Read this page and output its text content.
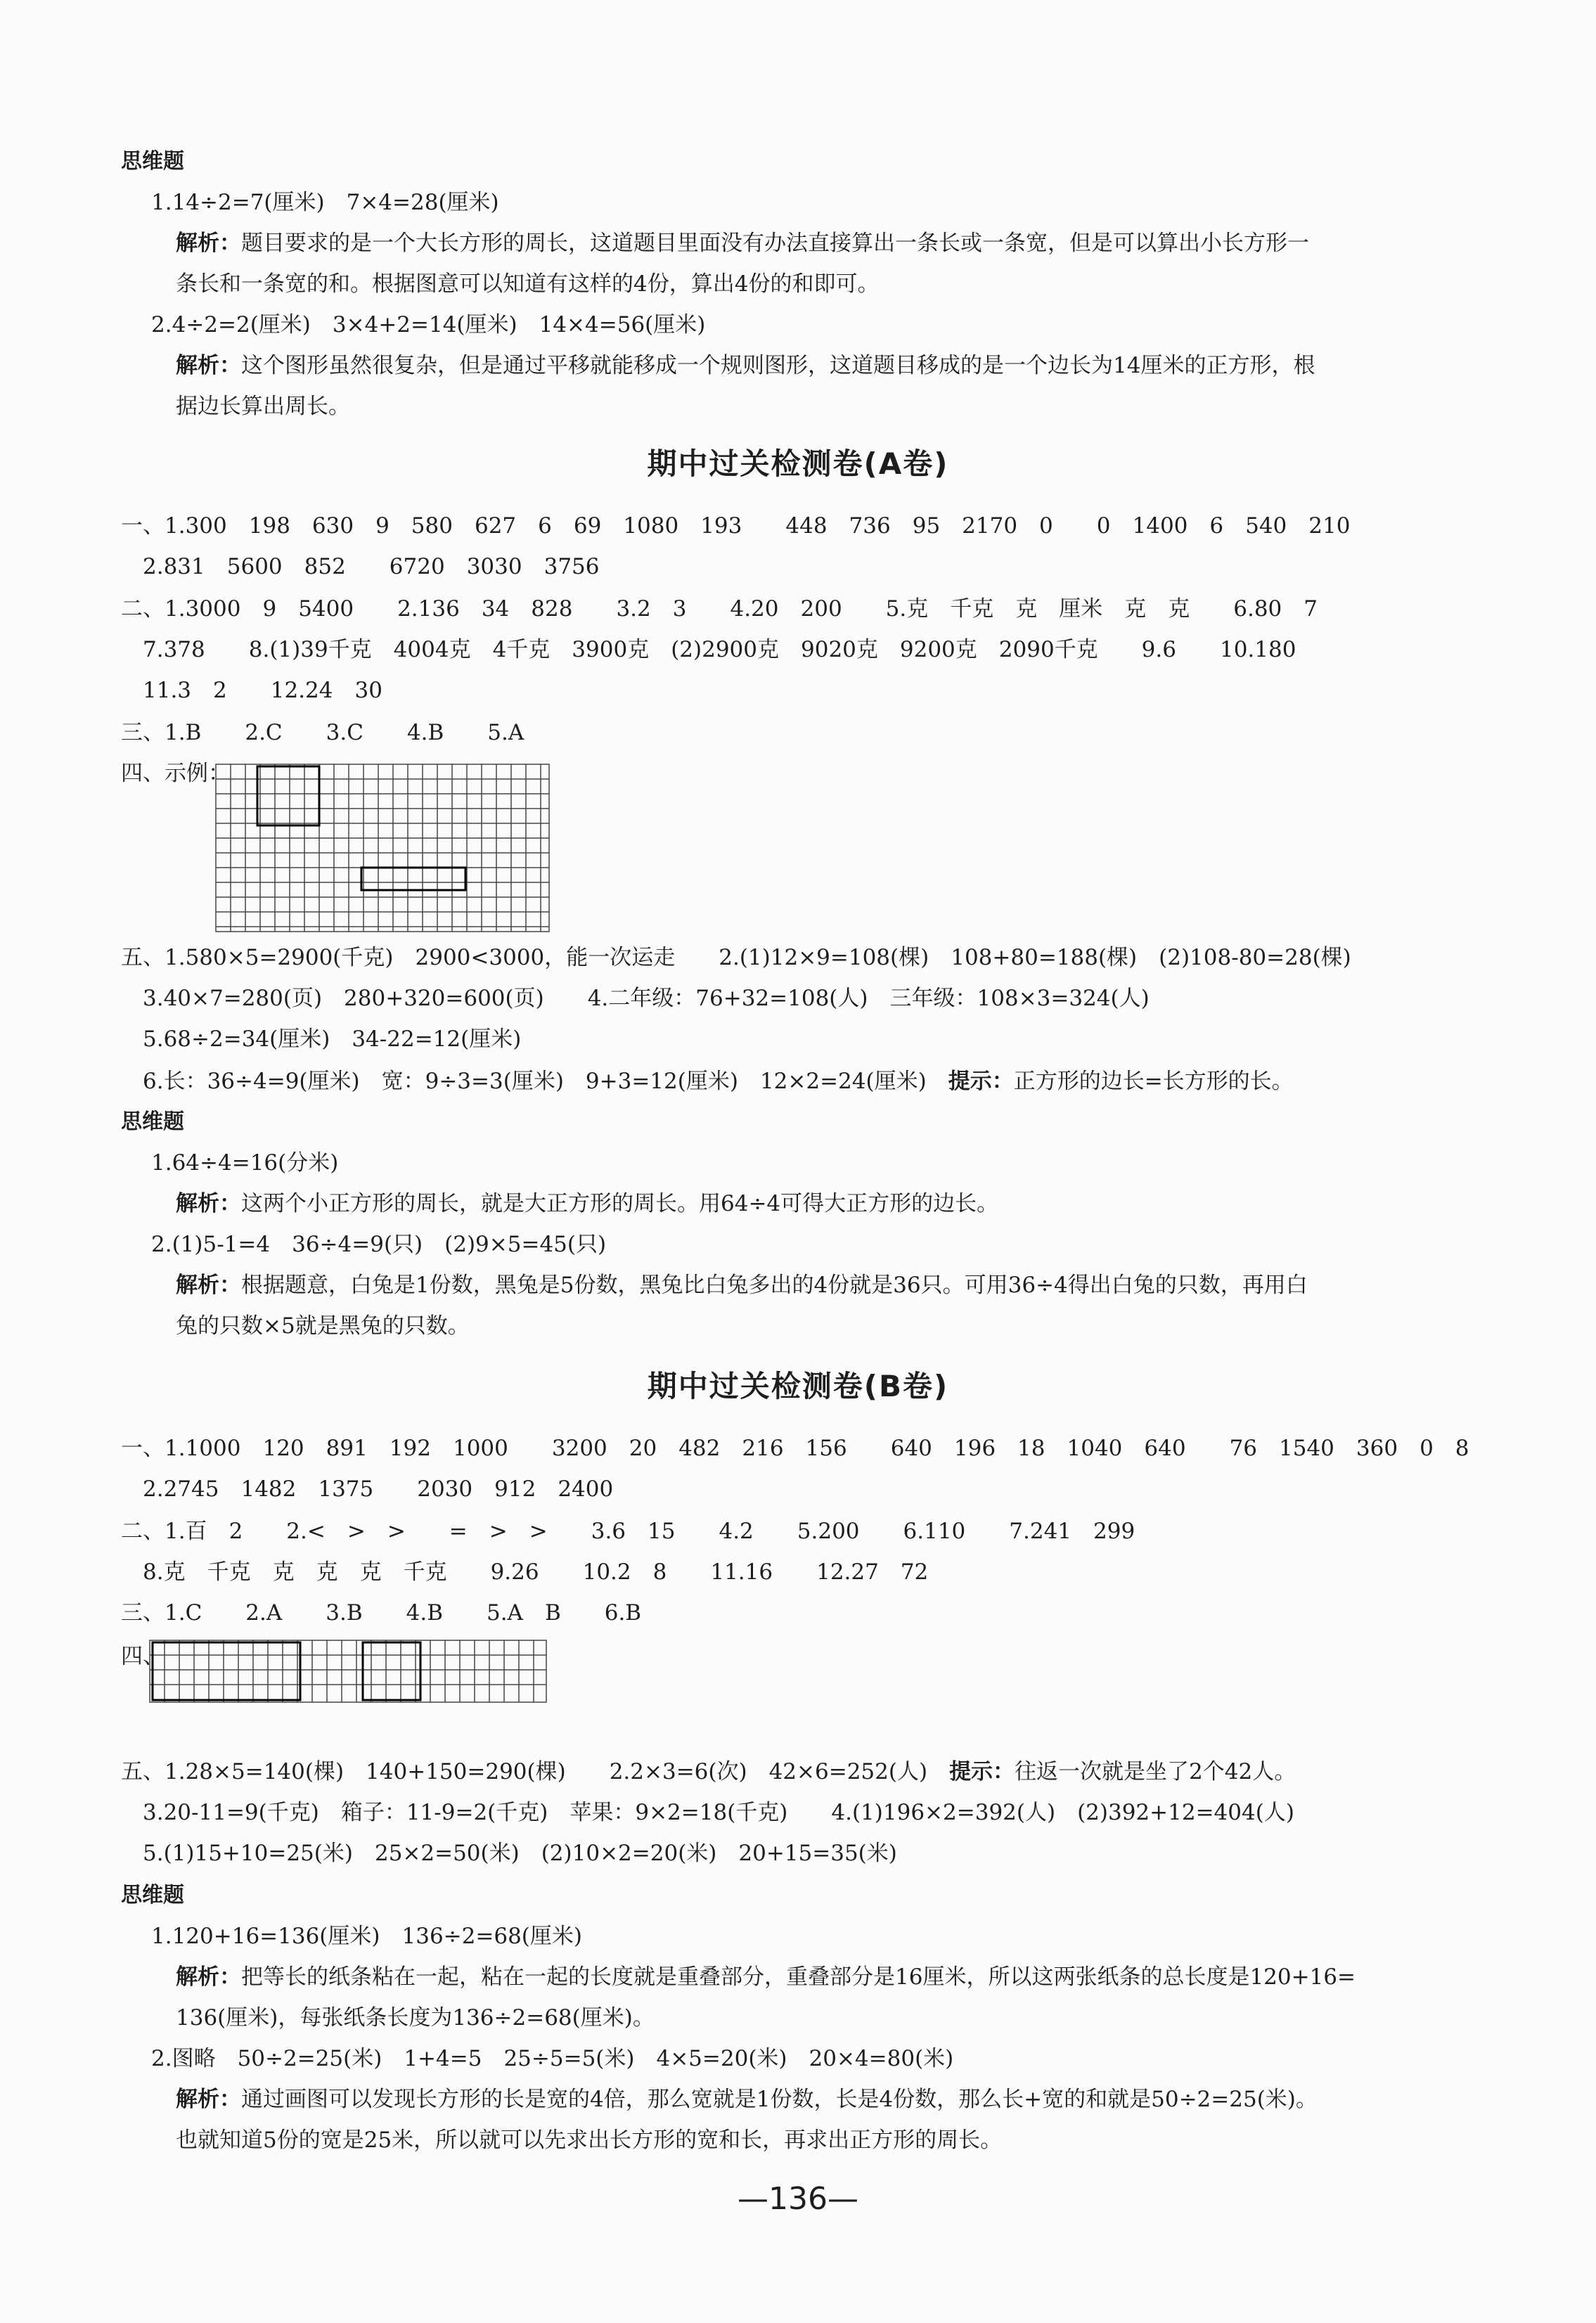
思维题
1.14÷2=7(厘米)　7×4=28(厘米)
解析：题目要求的是一个大长方形的周长，这道题目里面没有办法直接算出一条长或一条宽，但是可以算出小长方形一
条长和一条宽的和。根据图意可以知道有这样的4份，算出4份的和即可。
2.4÷2=2(厘米)　3×4+2=14(厘米)　14×4=56(厘米)
解析：这个图形虽然很复杂，但是通过平移就能移成一个规则图形，这道题目移成的是一个边长为14厘米的正方形，根
据边长算出周长。
期中过关检测卷(A卷)
一、1.300　198　630　9　580　627　6　69　1080　193　　448　736　95　2170　0　　0　1400　6　540　210
　2.831　5600　852　　6720　3030　3756
二、1.3000　9　5400　　2.136　34　828　　3.2　3　　4.20　200　　5.克　千克　克　厘米　克　克　　6.80　7
　7.378　　8.(1)39千克　4004克　4千克　3900克　(2)2900克　9020克　9200克　2090千克　　9.6　　10.180
　11.3　2　　12.24　30
三、1.B　　2.C　　3.C　　4.B　　5.A
四、示例：
五、1.580×5=2900(千克)　2900<3000，能一次运走　　2.(1)12×9=108(棵)　108+80=188(棵)　(2)108-80=28(棵)
　3.40×7=280(页)　280+320=600(页)　　4.二年级：76+32=108(人)　三年级：108×3=324(人)
　5.68÷2=34(厘米)　34-22=12(厘米)
　6.长：36÷4=9(厘米)　宽：9÷3=3(厘米)　9+3=12(厘米)　12×2=24(厘米)　 提示：正方形的边长=长方形的长。
思维题
1.64÷4=16(分米)
解析：这两个小正方形的周长，就是大正方形的周长。用64÷4可得大正方形的边长。
2.(1)5-1=4　36÷4=9(只)　(2)9×5=45(只)
解析：根据题意，白兔是1份数，黑兔是5份数，黑兔比白兔多出的4份就是36只。可用36÷4得出白兔的只数，再用白
兔的只数×5就是黑兔的只数。
期中过关检测卷(B卷)
一、1.1000　120　891　192　1000　　3200　20　482　216　156　　640　196　18　1040　640　　76　1540　360　0　8
　2.2745　1482　1375　　2030　912　2400
二、1.百　2　　2.<　>　>　　=　>　>　　3.6　15　　4.2　　5.200　　6.110　　7.241　299
　8.克　千克　克　克　克　千克　　9.26　　10.2　8　　11.16　　12.27　72
三、1.C　　2.A　　3.B　　4.B　　5.A　B　　6.B
四、
五、1.28×5=140(棵)　140+150=290(棵)　　2.2×3=6(次)　42×6=252(人)　 提示：往返一次就是坐了2个42人。
　3.20-11=9(千克)　箱子：11-9=2(千克)　苹果：9×2=18(千克)　　4.(1)196×2=392(人)　(2)392+12=404(人)
　5.(1)15+10=25(米)　25×2=50(米)　(2)10×2=20(米)　20+15=35(米)
思维题
1.120+16=136(厘米)　136÷2=68(厘米)
解析：把等长的纸条粘在一起，粘在一起的长度就是重叠部分，重叠部分是16厘米，所以这两张纸条的总长度是120+16=
136(厘米)，每张纸条长度为136÷2=68(厘米)。
2.图略　50÷2=25(米)　1+4=5　25÷5=5(米)　4×5=20(米)　20×4=80(米)
解析：通过画图可以发现长方形的长是宽的4倍，那么宽就是1份数，长是4份数，那么长+宽的和就是50÷2=25(米)。
也就知道5份的宽是25米，所以就可以先求出长方形的宽和长，再求出正方形的周长。
—136—
